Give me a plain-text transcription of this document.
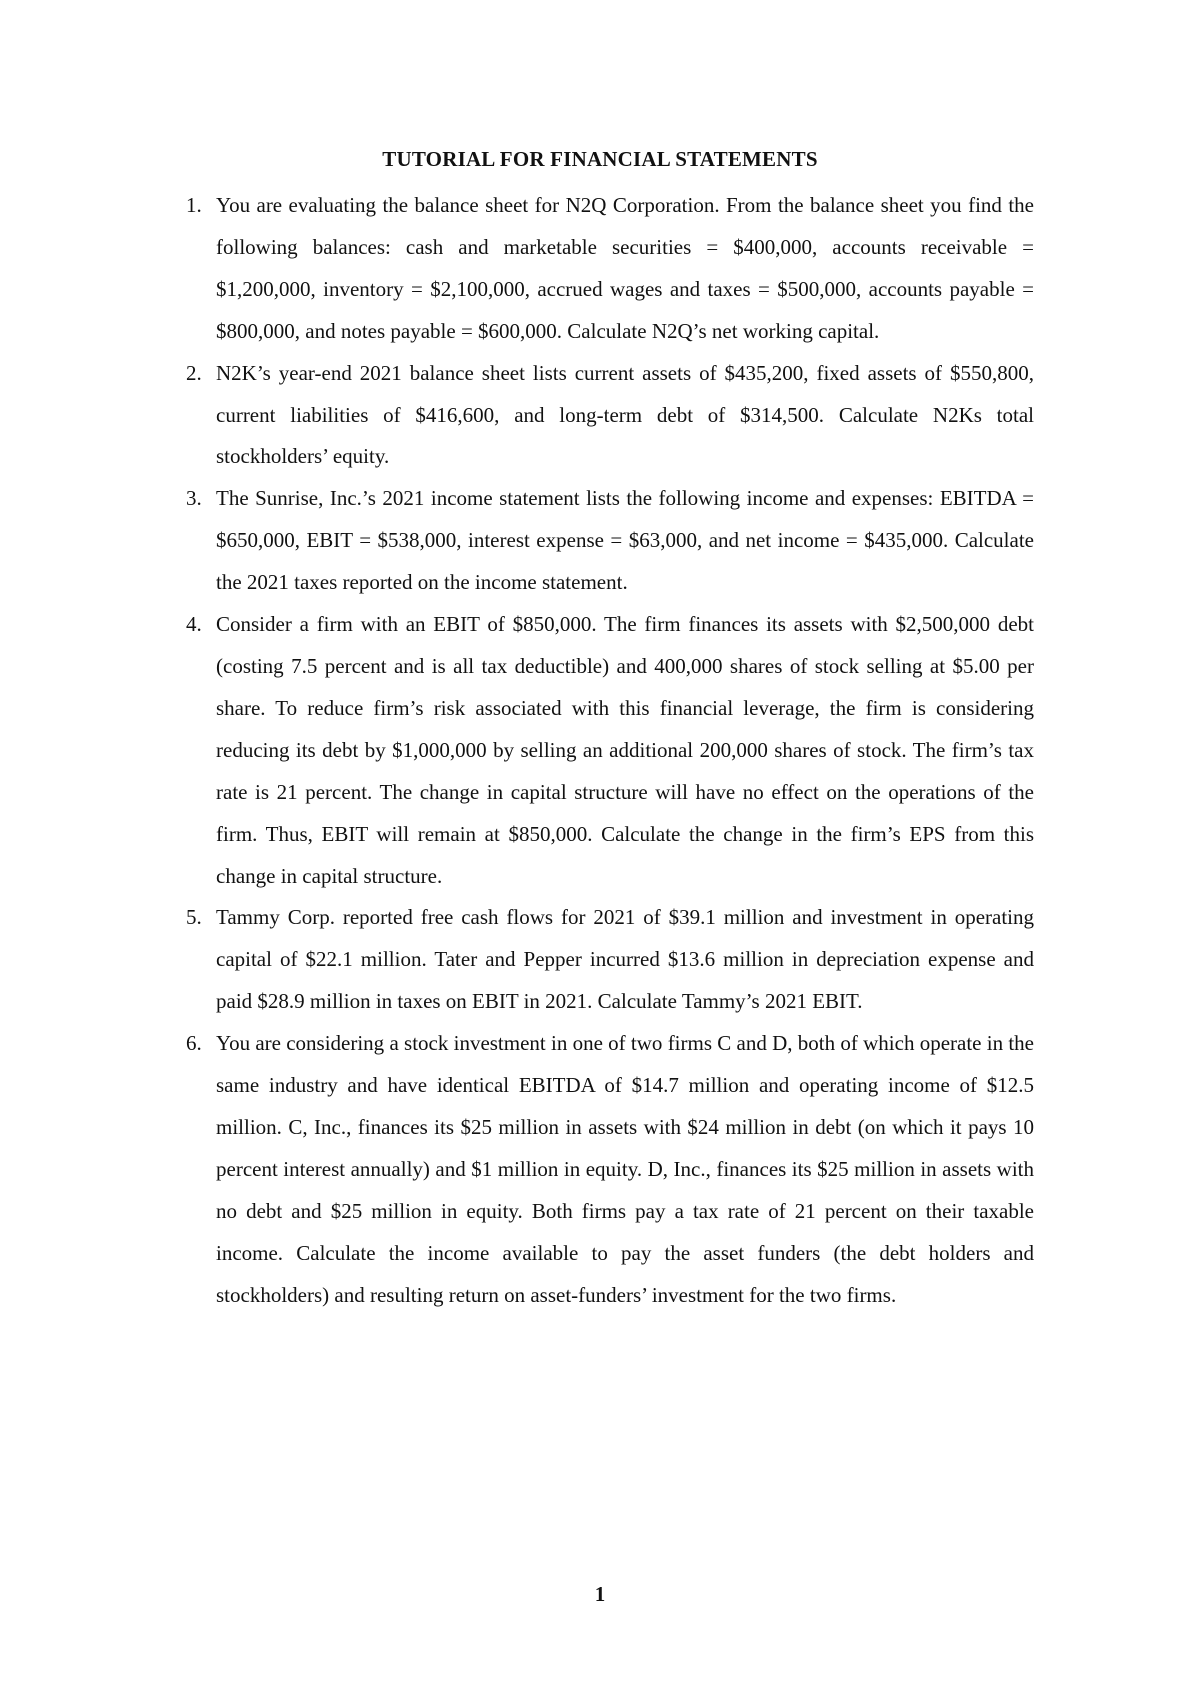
TUTORIAL FOR FINANCIAL STATEMENTS
1. You are evaluating the balance sheet for N2Q Corporation. From the balance sheet you find the following balances: cash and marketable securities = $400,000, accounts receivable = $1,200,000, inventory = $2,100,000, accrued wages and taxes = $500,000, accounts payable = $800,000, and notes payable = $600,000. Calculate N2Q’s net working capital.
2. N2K’s year-end 2021 balance sheet lists current assets of $435,200, fixed assets of $550,800, current liabilities of $416,600, and long-term debt of $314,500. Calculate N2Ks total stockholders’ equity.
3. The Sunrise, Inc.’s 2021 income statement lists the following income and expenses: EBITDA = $650,000, EBIT = $538,000, interest expense = $63,000, and net income = $435,000. Calculate the 2021 taxes reported on the income statement.
4. Consider a firm with an EBIT of $850,000. The firm finances its assets with $2,500,000 debt (costing 7.5 percent and is all tax deductible) and 400,000 shares of stock selling at $5.00 per share. To reduce firm’s risk associated with this financial leverage, the firm is considering reducing its debt by $1,000,000 by selling an additional 200,000 shares of stock. The firm’s tax rate is 21 percent. The change in capital structure will have no effect on the operations of the firm. Thus, EBIT will remain at $850,000. Calculate the change in the firm’s EPS from this change in capital structure.
5. Tammy Corp. reported free cash flows for 2021 of $39.1 million and investment in operating capital of $22.1 million. Tater and Pepper incurred $13.6 million in depreciation expense and paid $28.9 million in taxes on EBIT in 2021. Calculate Tammy’s 2021 EBIT.
6. You are considering a stock investment in one of two firms C and D, both of which operate in the same industry and have identical EBITDA of $14.7 million and operating income of $12.5 million. C, Inc., finances its $25 million in assets with $24 million in debt (on which it pays 10 percent interest annually) and $1 million in equity. D, Inc., finances its $25 million in assets with no debt and $25 million in equity. Both firms pay a tax rate of 21 percent on their taxable income. Calculate the income available to pay the asset funders (the debt holders and stockholders) and resulting return on asset-funders’ investment for the two firms.
1
